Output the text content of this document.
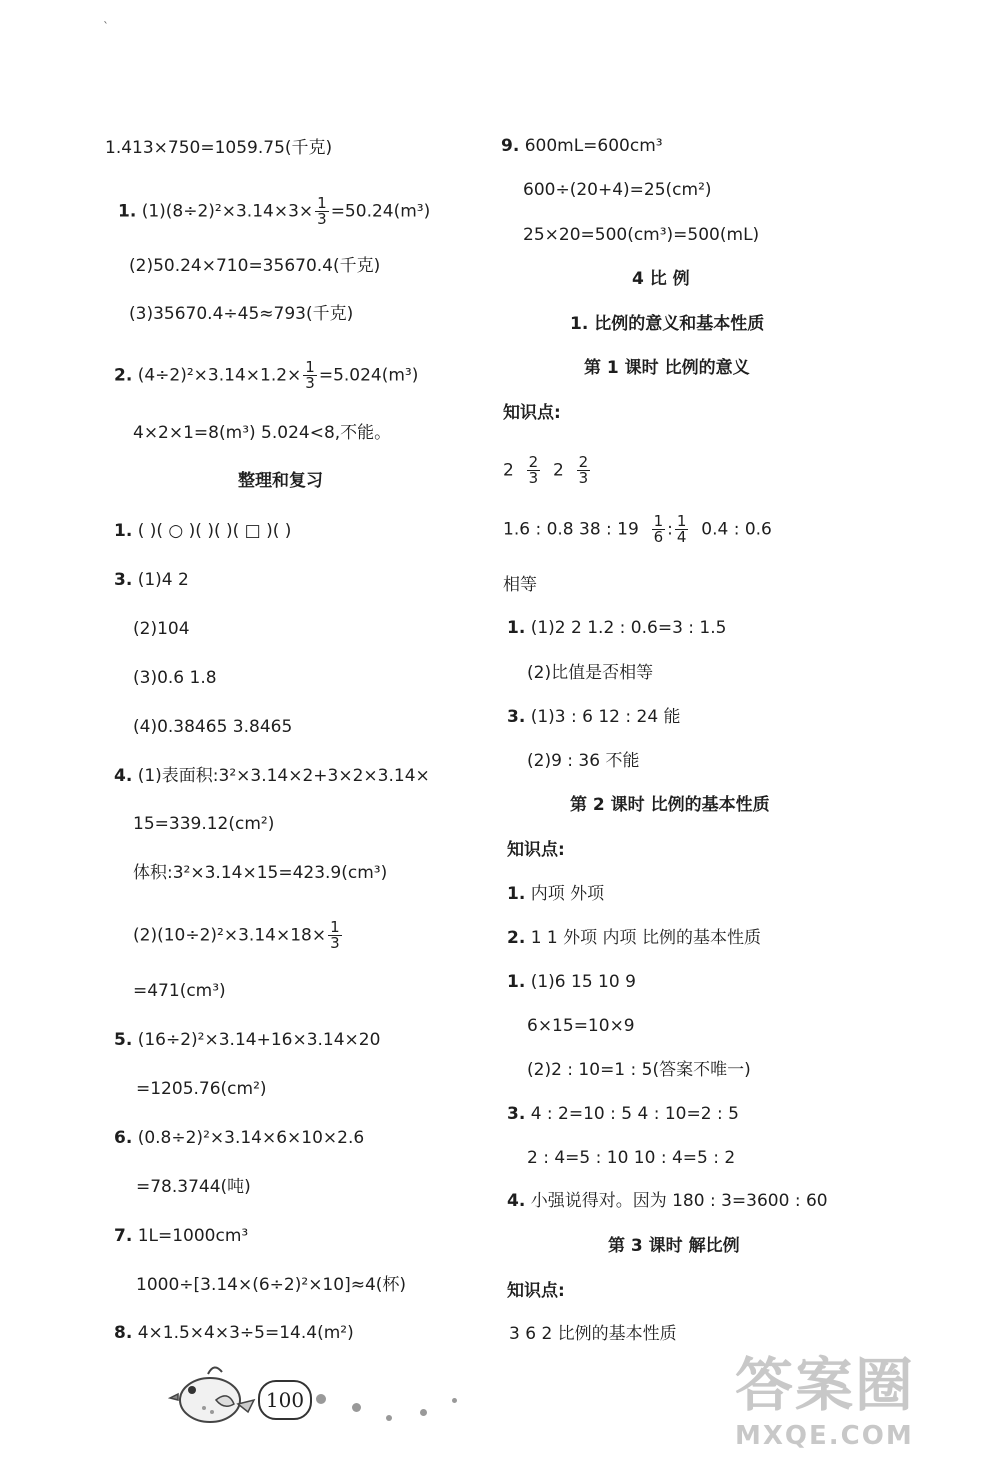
`
1.413×750=1059.75(千克)
1. $(1)(8\div 2)^2\times 3.14\times 3\times \frac{1}{3} =50.24(m^3)$
(2)50.24×710=35670.4(千克)
(3)35670.4÷45≈793(千克)
2. $(4\div 2)^2\times 3.14\times 1.2\times \frac{1}{3} =5.024(m^3)$
4×2×1=8(m³) 5.024<8,不能。
整理和复习
1. ( )( ○ )( )( )( □ )( )
3. (1)4 2
(2)104
(3)0.6 1.8
(4)0.38465 3.8465
4. (1)表面积:3²×3.14×2+3×2×3.14×
15=339.12(cm²)
体积:3²×3.14×15=423.9(cm³)
$(2)(10\div 2)^2\times 3.14\times 18\times \frac{1}{3}$
=471(cm³)
5. (16÷2)²×3.14+16×3.14×20
=1205.76(cm²)
6. (0.8÷2)²×3.14×6×10×2.6
=78.3744(吨)
7. 1L=1000cm³
1000÷[3.14×(6÷2)²×10]≈4(杯)
8. 4×1.5×4×3÷5=14.4(m²)
9. 600mL=600cm³
600÷(20+4)=25(cm²)
25×20=500(cm³)=500(mL)
4 比 例
1. 比例的意义和基本性质
第 1 课时 比例的意义
知识点:
$2 \frac{2}{3} 2 \frac{2}{3}$
1.6 : 0.8 38 : $19 \frac{1}{6}$ : $\frac{1}{4} 0.4$ : 0.6
相等
1. (1)2 2 1.2 : 0.6=3 : 1.5
(2)比值是否相等
3. (1)3 : 6 12 : 24 能
(2)9 : 36 不能
第 2 课时 比例的基本性质
知识点:
1. 内项 外项
2. 1 1 外项 内项 比例的基本性质
1. (1)6 15 10 9
6×15=10×9
(2)2 : 10=1 : 5(答案不唯一)
3. 4 : 2=10 : 5 4 : 10=2 : 5
2 : 4=5 : 10 10 : 4=5 : 2
4. 小强说得对。因为 180 : 3=3600 : 60
第 3 课时 解比例
知识点:
3 6 2 比例的基本性质
100	答案圈
MXQE.COM
